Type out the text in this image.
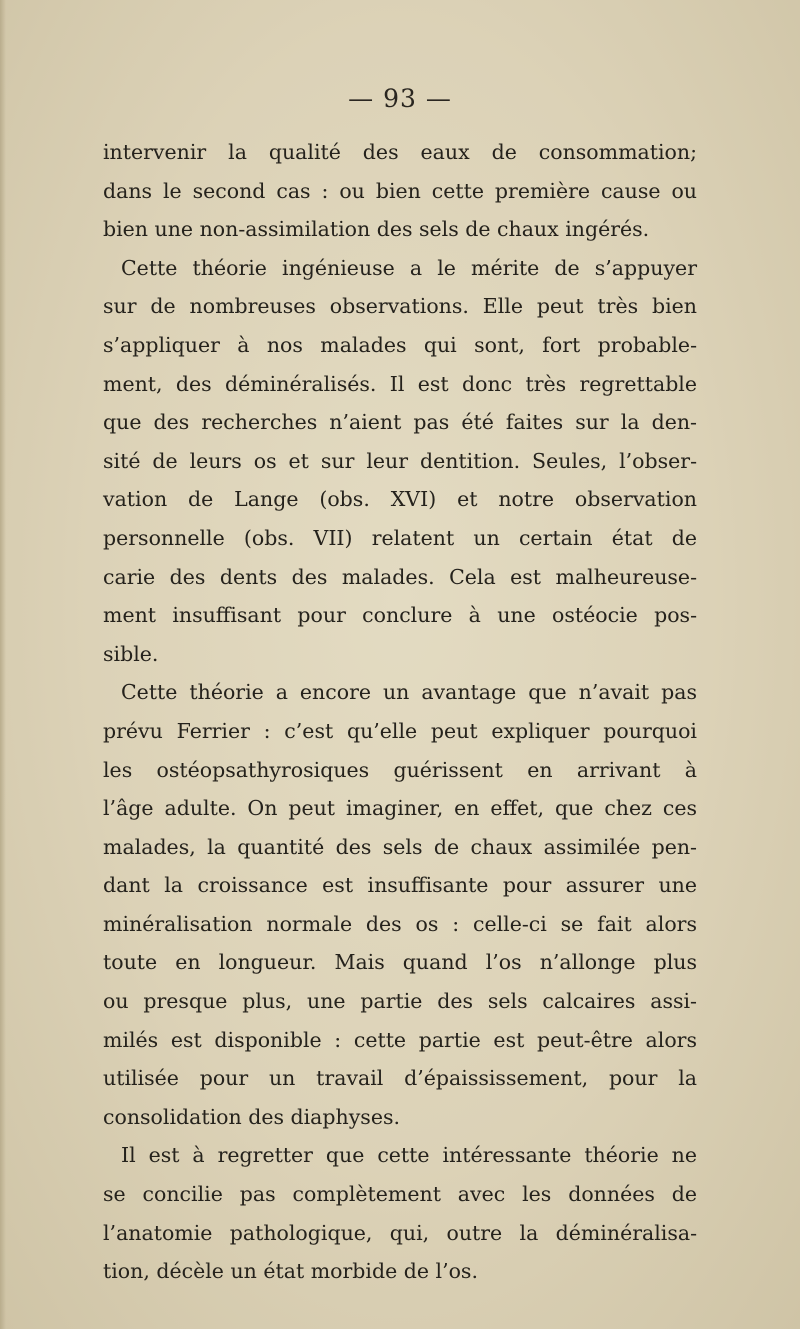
— 93 —
intervenir la qualité des eaux de consommation;
dans le second cas : ou bien cette première cause ou
bien une non-assimilation des sels de chaux ingérés.
Cette théorie ingénieuse a le mérite de s’appuyer
sur de nombreuses observations. Elle peut très bien
s’appliquer à nos malades qui sont, fort probable-
ment, des déminéralisés. Il est donc très regrettable
que des recherches n’aient pas été faites sur la den-
sité de leurs os et sur leur dentition. Seules, l’obser-
vation de Lange (obs. XVI) et notre observation
personnelle (obs. VII) relatent un certain état de
carie des dents des malades. Cela est malheureuse-
ment insuffisant pour conclure à une ostéocie pos-
sible.
Cette théorie a encore un avantage que n’avait pas
prévu Ferrier : c’est qu’elle peut expliquer pourquoi
les ostéopsathyrosiques guérissent en arrivant à
l’âge adulte. On peut imaginer, en effet, que chez ces
malades, la quantité des sels de chaux assimilée pen-
dant la croissance est insuffisante pour assurer une
minéralisation normale des os : celle-ci se fait alors
toute en longueur. Mais quand l’os n’allonge plus
ou presque plus, une partie des sels calcaires assi-
milés est disponible : cette partie est peut-être alors
utilisée pour un travail d’épaississement, pour la
consolidation des diaphyses.
Il est à regretter que cette intéressante théorie ne
se concilie pas complètement avec les données de
l’anatomie pathologique, qui, outre la déminéralisa-
tion, décèle un état morbide de l’os.
